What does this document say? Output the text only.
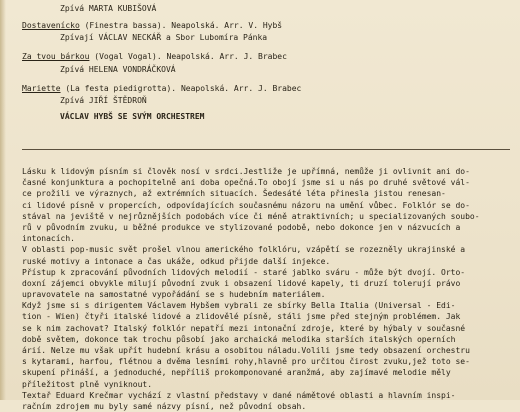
Zpívá MARTA KUBIŠOVÁ
Dostavenícko (Finestra bassa). Neapolská. Arr. V. Hybš
Zpívají VÁCLAV NECKÁŘ a Sbor Lubomíra Pánka
Za tvou bárkou (Vogal Vogal). Neapolská. Arr. J. Brabec
Zpívá HELENA VONDRÁČKOVÁ
Mariette (La festa piedigrotta). Neapolská. Arr. J. Brabec
Zpívá JIŘÍ ŠTĚDROŇ
VÁCLAV HYBŠ SE SVÝM ORCHESTREM
Lásku k lidovým písním si člověk nosí v srdci.Jestliže je upřímná, nemůže ji ovlivnit ani do-
časné konjunktura a pochopitelně ani doba opečná.To obojí jsme si u nás po druhé světové vál-
ce prožili ve výraznych, až extrémních situacích. Šedesáté léta přinesla jistou renesan-
ci lidové písně v propercích, odpovídajících současnému názoru na umění vůbec. Folklór se do-
stával na jeviště v nejrůznějších podobách více či méně atraktivních; u specializovaných soubo-
rů v původním zvuku, u běžné produkce ve stylizované podobě, nebo dokonce jen v názvucích a
intonacích.
V oblasti pop-music svět prošel vlnou amerického folklóru, vzápětí se rozezněly ukrajinské a
ruské motivy a intonace a čas ukáže, odkud přijde další injekce.
Přístup k zpracování původních lidových melodií - staré jablko sváru - může být dvojí. Orto-
doxní zájemci obvykle milují původní zvuk i obsazení lidové kapely, ti druzí tolerují právo
upravovatele na samostatné vypořádání se s hudebním materiálem.
Když jsme si s dirigentem Václavem Hybšem vybrali ze sbírky Bella Italia (Universal - Edi-
tion - Wien) čtyři italské lidové a zlidovělé písně, stáli jsme před stejným problémem. Jak
se k nim zachovat? Italský folklór nepatří mezi intonační zdroje, které by hýbaly v současné
době světem, dokonce tak trochu působí jako archaická melodika starších italských operních
árií. Nelze mu však upřít hudební krásu a osobitou náladu.Volili jsme tedy obsazení orchestru
s kytarami, harfou, flétnou a dvěma lesními rohy,hlavně pro určitou čirost zvuku,jež toto se-
skupení přináší, a jednoduché, nepříliš prokomponované aranžmá, aby zajímavé melodie měly
příležitost plně vyniknout.
Textař Eduard Krečmar vychází z vlastní představy v dané námětové oblasti a hlavním inspi-
račním zdrojem mu byly samé názvy písní, než původní obsah.
